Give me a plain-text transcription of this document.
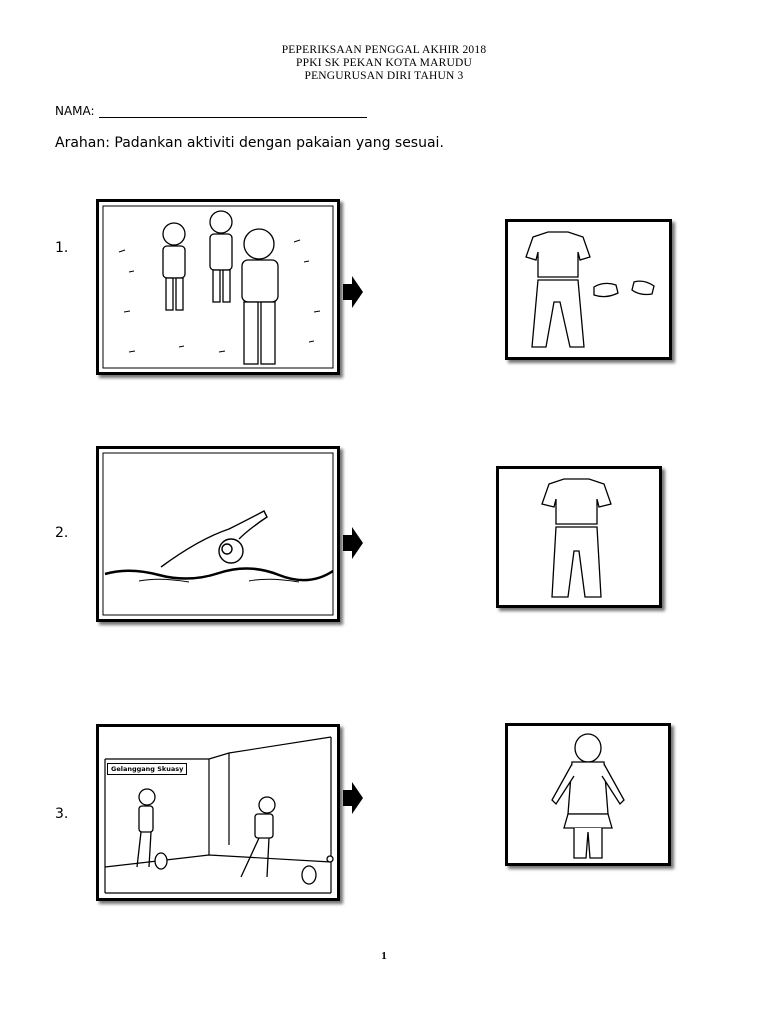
PEPERIKSAAN PENGGAL AKHIR 2018
PPKI SK PEKAN KOTA MARUDU
PENGURUSAN DIRI TAHUN 3
NAMA:
Arahan: Padankan aktiviti dengan pakaian yang sesuai.
1.
2.
3.
Gelanggang Skuasy
1
